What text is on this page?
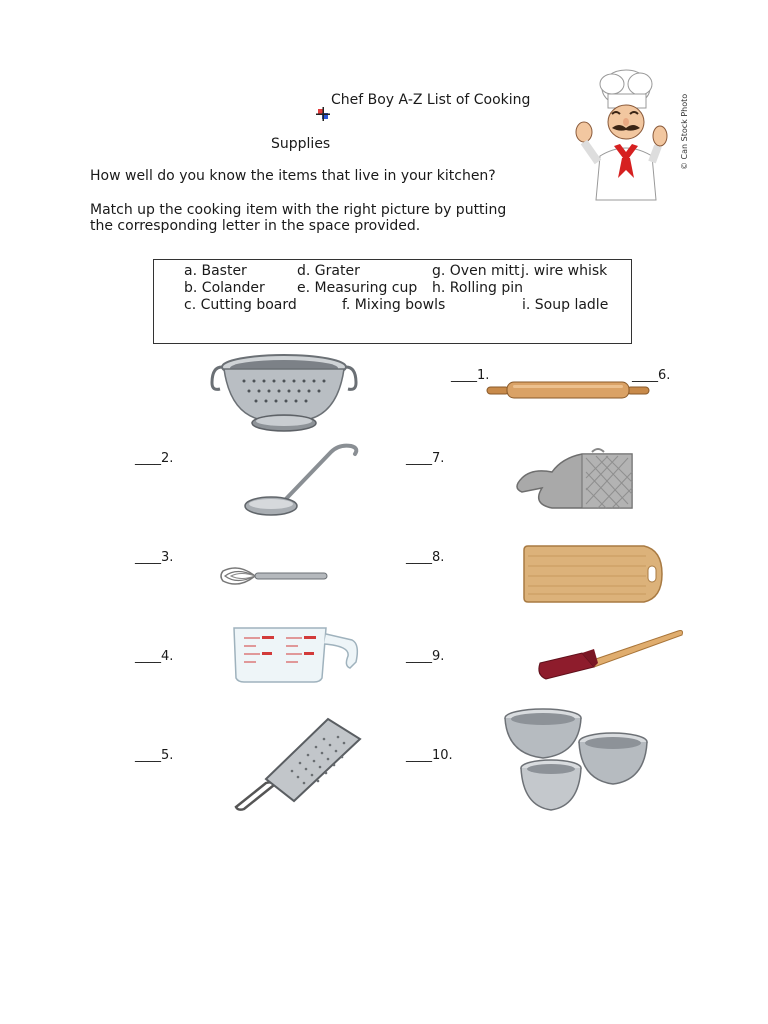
Chef Boy A-Z List of Cooking
Supplies
How well do you know the items that live in your kitchen?
Match up the cooking item with the right picture by putting
the corresponding letter in the space provided.
© Can Stock Photo
a. Baster
b. Colander
c. Cutting board
d. Grater
e. Measuring cup
f. Mixing bowls
g. Oven mitt
h. Rolling pin
i. Soup ladle
j. wire whisk
____1.	____6.
____2.	____7.
____3.	____8.
____4.	____9.
____5.	____10.
